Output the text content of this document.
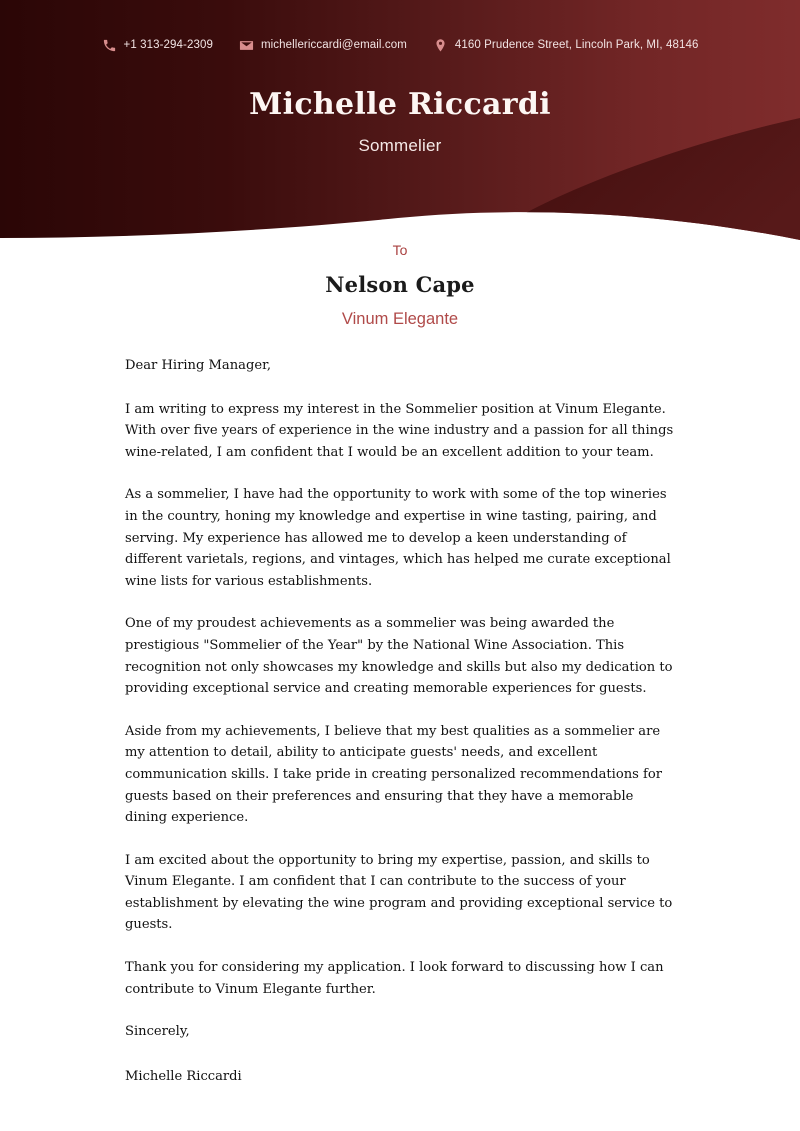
+1 313-294-2309	michellericcardi@email.com	4160 Prudence Street, Lincoln Park, MI, 48146
Michelle Riccardi

Sommelier

To

Nelson Cape

Vinum Elegante

Dear Hiring Manager,

I am writing to express my interest in the Sommelier position at Vinum Elegante. With over five years of experience in the wine industry and a passion for all things wine-related, I am confident that I would be an excellent addition to your team.

As a sommelier, I have had the opportunity to work with some of the top wineries in the country, honing my knowledge and expertise in wine tasting, pairing, and serving. My experience has allowed me to develop a keen understanding of different varietals, regions, and vintages, which has helped me curate exceptional wine lists for various establishments.

One of my proudest achievements as a sommelier was being awarded the prestigious "Sommelier of the Year" by the National Wine Association. This recognition not only showcases my knowledge and skills but also my dedication to providing exceptional service and creating memorable experiences for guests.

Aside from my achievements, I believe that my best qualities as a sommelier are my attention to detail, ability to anticipate guests' needs, and excellent communication skills. I take pride in creating personalized recommendations for guests based on their preferences and ensuring that they have a memorable dining experience.

I am excited about the opportunity to bring my expertise, passion, and skills to Vinum Elegante. I am confident that I can contribute to the success of your establishment by elevating the wine program and providing exceptional service to guests.

Thank you for considering my application. I look forward to discussing how I can contribute to Vinum Elegante further.

Sincerely,

Michelle Riccardi
